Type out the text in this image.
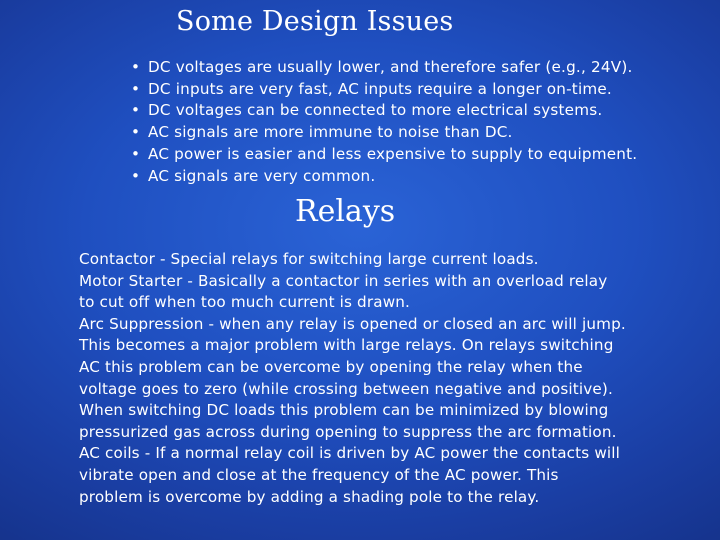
Some Design Issues
• DC voltages are usually lower, and therefore safer (e.g., 24V).
• DC inputs are very fast, AC inputs require a longer on-time.
• DC voltages can be connected to more electrical systems.
• AC signals are more immune to noise than DC.
• AC power is easier and less expensive to supply to equipment.
• AC signals are very common.
Relays
Contactor - Special relays for switching large current loads.
Motor Starter - Basically a contactor in series with an overload relay
to cut off when too much current is drawn.
Arc Suppression - when any relay is opened or closed an arc will jump.
This becomes a major problem with large relays. On relays switching
AC this problem can be overcome by opening the relay when the
voltage goes to zero (while crossing between negative and positive).
When switching DC loads this problem can be minimized by blowing
pressurized gas across during opening to suppress the arc formation.
AC coils - If a normal relay coil is driven by AC power the contacts will
vibrate open and close at the frequency of the AC power. This
problem is overcome by adding a shading pole to the relay.
